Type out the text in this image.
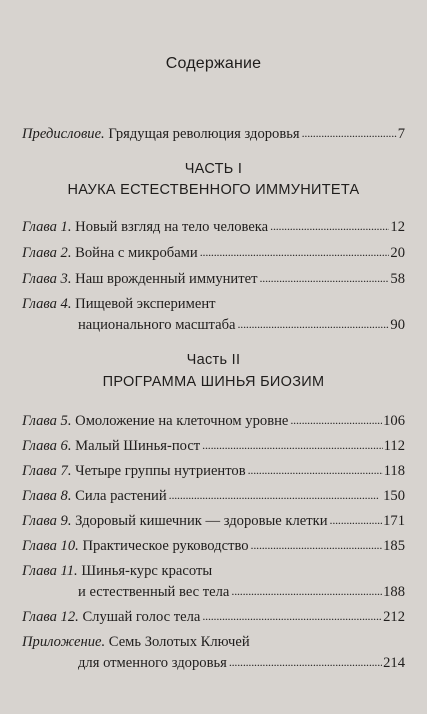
Содержание
Предисловие. Грядущая революция здоровья . . .	7
ЧАСТЬ I
НАУКА ЕСТЕСТВЕННОГО ИММУНИТЕТА
Глава 1. Новый взгляд на тело человека . . .	12
Глава 2. Война с микробами . . .	20
Глава 3. Наш врожденный иммунитет . . .	58
Глава 4. Пищевой эксперимент
национального масштаба . . .	90
Часть II
ПРОГРАММА ШИНЬЯ БИОЗИМ
Глава 5. Омоложение на клеточном уровне . . .	106
Глава 6. Малый Шинья-пост . . .	112
Глава 7. Четыре группы нутриентов . . .	118
Глава 8. Сила растений . . .	150
Глава 9. Здоровый кишечник — здоровые клетки . . .	171
Глава 10. Практическое руководство . . .	185
Глава 11. Шинья-курс красоты
и естественный вес тела . . .	188
Глава 12. Слушай голос тела . . .	212
Приложение. Семь Золотых Ключей
для отменного здоровья . . .	214
